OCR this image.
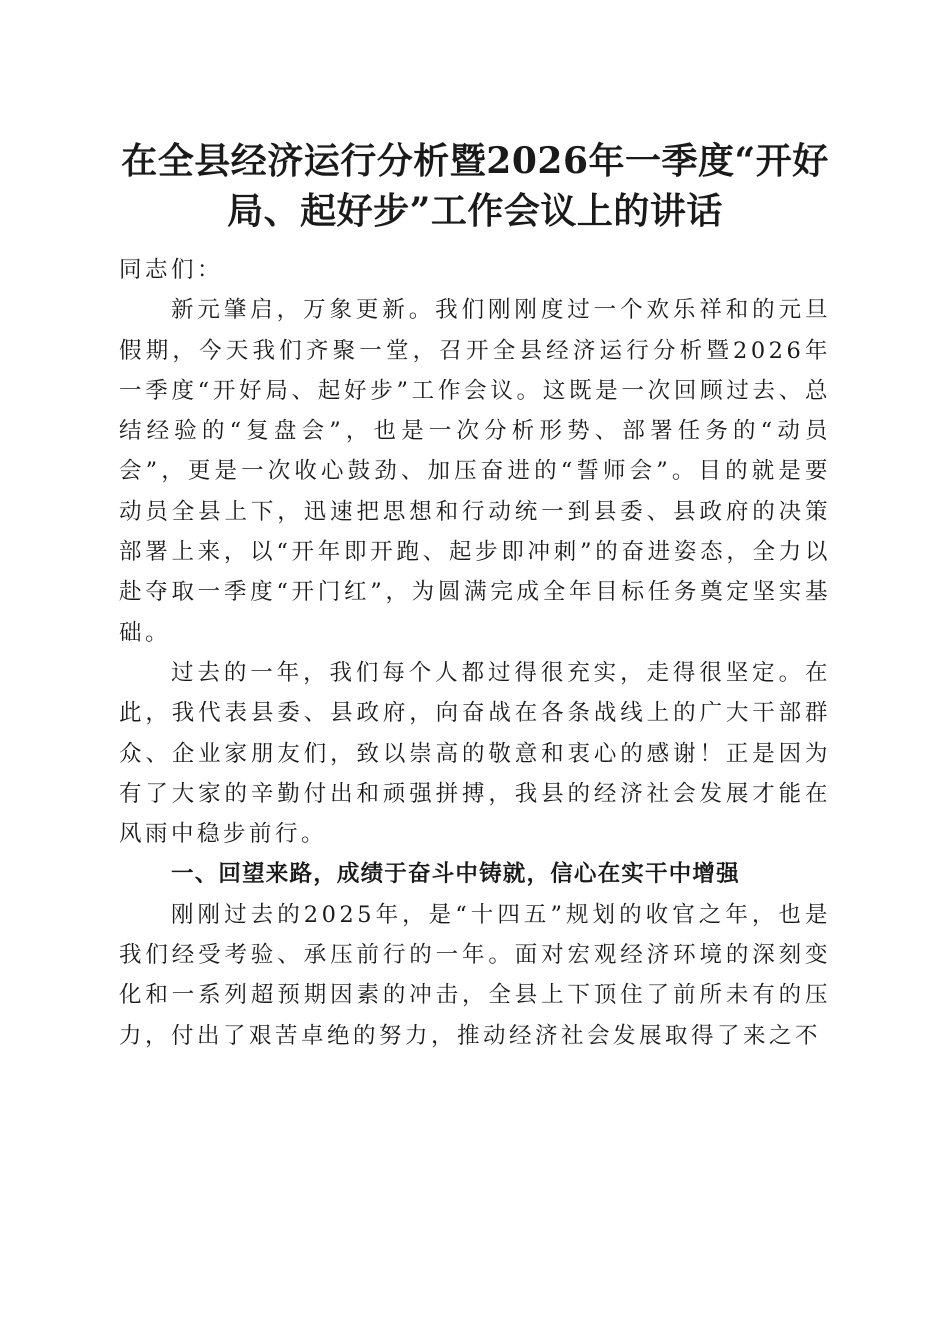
在全县经济运行分析暨2026年一季度“开好
局、起好步”工作会议上的讲话

同志们：

新元肇启，万象更新。我们刚刚度过一个欢乐祥和的元旦假期，今天我们齐聚一堂，召开全县经济运行分析暨2026年一季度“开好局、起好步”工作会议。这既是一次回顾过去、总结经验的“复盘会”，也是一次分析形势、部署任务的“动员会”，更是一次收心鼓劲、加压奋进的“誓师会”。目的就是要动员全县上下，迅速把思想和行动统一到县委、县政府的决策部署上来，以“开年即开跑、起步即冲刺”的奋进姿态，全力以赴夺取一季度“开门红”，为圆满完成全年目标任务奠定坚实基础。

过去的一年，我们每个人都过得很充实，走得很坚定。在此，我代表县委、县政府，向奋战在各条战线上的广大干部群众、企业家朋友们，致以崇高的敬意和衷心的感谢！正是因为有了大家的辛勤付出和顽强拼搏，我县的经济社会发展才能在风雨中稳步前行。

一、回望来路，成绩于奋斗中铸就，信心在实干中增强

刚刚过去的2025年，是“十四五”规划的收官之年，也是我们经受考验、承压前行的一年。面对宏观经济环境的深刻变化和一系列超预期因素的冲击，全县上下顶住了前所未有的压力，付出了艰苦卓绝的努力，推动经济社会发展取得了来之不
